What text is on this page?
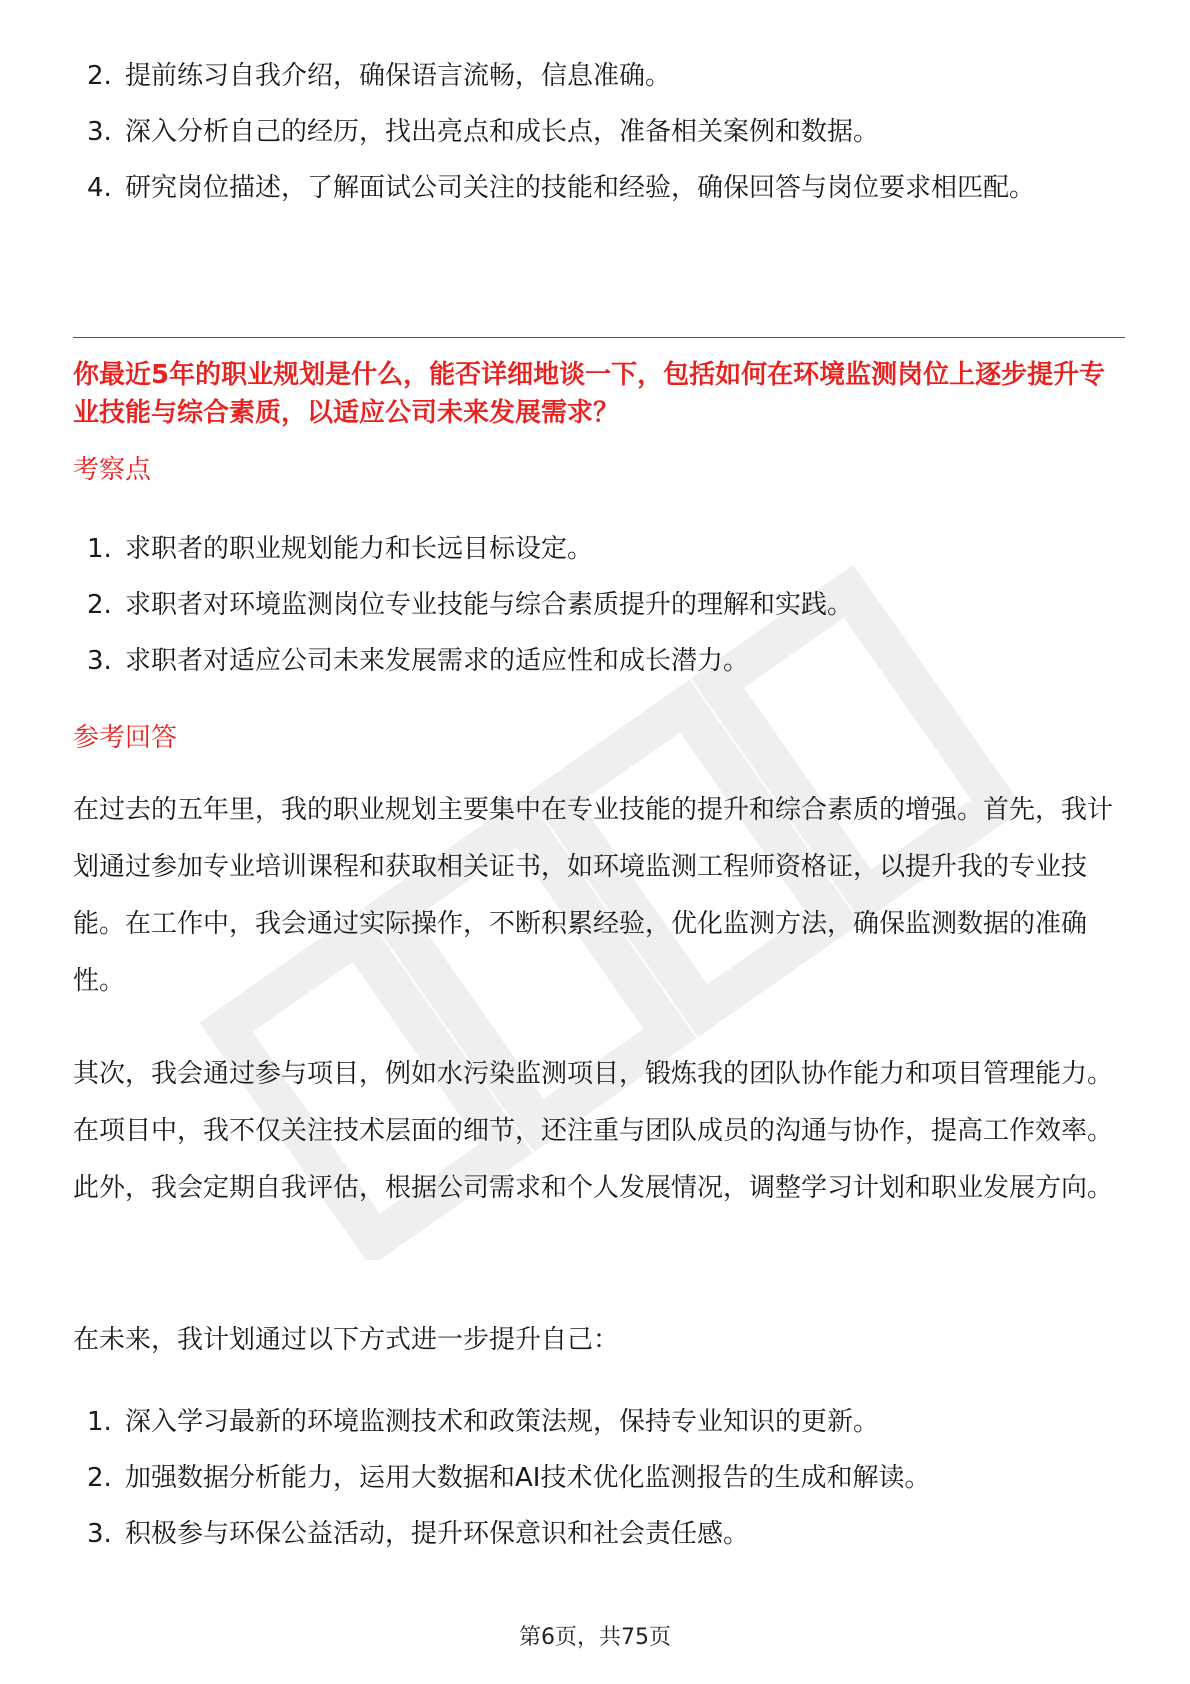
2. 提前练习自我介绍，确保语言流畅，信息准确。
3. 深入分析自己的经历，找出亮点和成长点，准备相关案例和数据。
4. 研究岗位描述，了解面试公司关注的技能和经验，确保回答与岗位要求相匹配。
你最近5年的职业规划是什么，能否详细地谈一下，包括如何在环境监测岗位上逐步提升专业技能与综合素质，以适应公司未来发展需求？
考察点
1. 求职者的职业规划能力和长远目标设定。
2. 求职者对环境监测岗位专业技能与综合素质提升的理解和实践。
3. 求职者对适应公司未来发展需求的适应性和成长潜力。
参考回答

在过去的五年里，我的职业规划主要集中在专业技能的提升和综合素质的增强。首先，我计划通过参加专业培训课程和获取相关证书，如环境监测工程师资格证，以提升我的专业技能。在工作中，我会通过实际操作，不断积累经验，优化监测方法，确保监测数据的准确性。

其次，我会通过参与项目，例如水污染监测项目，锻炼我的团队协作能力和项目管理能力。在项目中，我不仅关注技术层面的细节，还注重与团队成员的沟通与协作，提高工作效率。此外，我会定期自我评估，根据公司需求和个人发展情况，调整学习计划和职业发展方向。

在未来，我计划通过以下方式进一步提升自己：

1. 深入学习最新的环境监测技术和政策法规，保持专业知识的更新。
2. 加强数据分析能力，运用大数据和AI技术优化监测报告的生成和解读。
3. 积极参与环保公益活动，提升环保意识和社会责任感。
第6页，共75页
